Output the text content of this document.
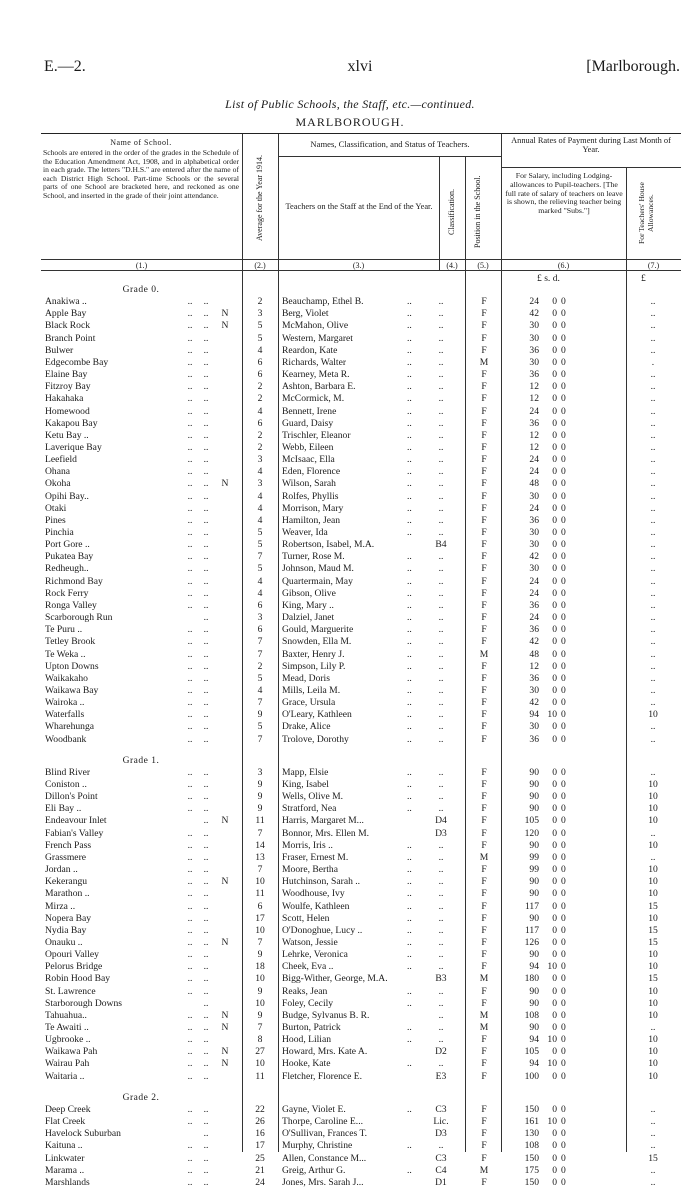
E.—2.	xlvi	[Marlborough.
List of Public Schools, the Staff, etc.—continued.
MARLBOROUGH.
Name of School.
Schools are entered in the order of the grades in the Schedule of the Education Amendment Act, 1908, and in alphabetical order in each grade. The letters "D.H.S." are entered after the name of each District High School. Part-time Schools or the several parts of one School are bracketed here, and reckoned as one School, and inserted in the grade of their joint attendance.
(1.)
Average for the Year 1914.
(2.)
Names, Classification, and Status of Teachers.
Teachers on the Staff at the End of the Year.
(3.)
Classification.
(4.)
Position in the School.
(5.)
Annual Rates of Payment during Last Month of Year.
For Salary, including Lodging-allowances to Pupil-teachers. [The full rate of salary of teachers on leave is shown, the relieving teacher being marked "Subs."]
(6.)
For Teachers' House Allowances.
(7.)
£ s. d.	£
Grade 0.
Anakiwa ..	..	..	2	Beauchamp, Ethel B.	..	..	F	24	0 0	..
Apple Bay	..	..	N	3	Berg, Violet	..	..	F	42	0 0	..
Black Rock	..	..	N	5	McMahon, Olive	..	..	F	30	0 0	..
Branch Point	..	..	5	Western, Margaret	..	..	F	30	0 0	..
Bulwer	..	..	4	Reardon, Kate	..	..	F	36	0 0	..
Edgecombe Bay	..	..	6	Richards, Walter	..	..	M	30	0 0	.
Elaine Bay	..	..	6	Kearney, Meta R.	..	..	F	36	0 0	..
Fitzroy Bay	..	..	2	Ashton, Barbara E.	..	..	F	12	0 0	..
Hakahaka	..	..	2	McCormick, M.	..	..	F	12	0 0	..
Homewood	..	..	4	Bennett, Irene	..	..	F	24	0 0	..
Kakapou Bay	..	..	6	Guard, Daisy	..	..	F	36	0 0	..
Ketu Bay ..	..	..	2	Trischler, Eleanor	..	..	F	12	0 0	..
Laverique Bay	..	..	2	Webb, Eileen	..	..	F	12	0 0	..
Leefield	..	..	3	McIsaac, Ella	..	..	F	24	0 0	..
Ohana	..	..	4	Eden, Florence	..	..	F	24	0 0	..
Okoha	..	..	N	3	Wilson, Sarah	..	..	F	48	0 0	..
Opihi Bay..	..	..	4	Rolfes, Phyllis	..	..	F	30	0 0	..
Otaki	..	..	4	Morrison, Mary	..	..	F	24	0 0	..
Pines	..	..	4	Hamilton, Jean	..	..	F	36	0 0	..
Pinchia	..	..	5	Weaver, Ida	..	..	F	30	0 0	..
Port Gore ..	..	..	5	Robertson, Isabel, M.A.	B4	F	30	0 0	..
Pukatea Bay	..	..	7	Turner, Rose M.	..	..	F	42	0 0	..
Redheugh..	..	..	5	Johnson, Maud M.	..	..	F	30	0 0	..
Richmond Bay	..	..	4	Quartermain, May	..	..	F	24	0 0	..
Rock Ferry	..	..	4	Gibson, Olive	..	..	F	24	0 0	..
Ronga Valley	..	..	6	King, Mary ..	..	..	F	36	0 0	..
Scarborough Run	..	3	Dalziel, Janet	..	..	F	24	0 0	..
Te Puru ..	..	..	6	Gould, Marguerite	..	..	F	36	0 0	..
Tetley Brook	..	..	7	Snowden, Ella M.	..	..	F	42	0 0	..
Te Weka ..	..	..	7	Baxter, Henry J.	..	..	M	48	0 0	..
Upton Downs	..	..	2	Simpson, Lily P.	..	..	F	12	0 0	..
Waikakaho	..	..	5	Mead, Doris	..	..	F	36	0 0	..
Waikawa Bay	..	..	4	Mills, Leila M.	..	..	F	30	0 0	..
Wairoka ..	..	..	7	Grace, Ursula	..	..	F	42	0 0	..
Waterfalls	..	..	9	O'Leary, Kathleen	..	..	F	94 10 0	10
Wharehunga	..	..	5	Drake, Alice	..	..	F	30	0 0	..
Woodbank	..	..	7	Trolove, Dorothy	..	..	F	36	0 0	..
Grade 1.
Blind River	..	..	3	Mapp, Elsie	..	..	F	90	0 0	..
Coniston ..	..	..	9	King, Isabel	..	..	F	90	0 0	10
Dillon's Point	..	..	9	Wells, Olive M.	..	..	F	90	0 0	10
Eli Bay ..	..	..	9	Stratford, Nea	..	..	F	90	0 0	10
Endeavour Inlet	..	N	11	Harris, Margaret M...	D4	F	105	0 0	10
Fabian's Valley	..	..	7	Bonnor, Mrs. Ellen M.	D3	F	120	0 0	..
French Pass	..	..	14	Morris, Iris ..	..	..	F	90	0 0	10
Grassmere	..	..	13	Fraser, Ernest M.	..	..	M	99	0 0	..
Jordan ..	..	..	7	Moore, Bertha	..	..	F	99	0 0	10
Kekerangu	..	..	N	10	Hutchinson, Sarah ..	..	..	F	90	0 0	10
Marathon ..	..	..	11	Woodhouse, Ivy	..	..	F	90	0 0	10
Mirza ..	..	..	6	Woulfe, Kathleen	..	..	F	117	0 0	15
Nopera Bay	..	..	17	Scott, Helen	..	..	F	90	0 0	10
Nydia Bay	..	..	10	O'Donoghue, Lucy ..	..	..	F	117	0 0	15
Onauku ..	..	..	N	7	Watson, Jessie	..	..	F	126	0 0	15
Opouri Valley	..	..	9	Lehrke, Veronica	..	..	F	90	0 0	10
Pelorus Bridge	..	..	18	Cheek, Eva ..	..	..	F	94 10 0	10
Robin Hood Bay	..	..	10	Bigg-Wither, George, M.A.	B3	M	180	0 0	15
St. Lawrence	..	..	9	Reaks, Jean	..	..	F	90	0 0	10
Starborough Downs	..	10	Foley, Cecily	..	..	F	90	0 0	10
Tahuahua..	..	..	N	9	Budge, Sylvanus B. R.	..	M	108	0 0	10
Te Awaiti ..	..	..	N	7	Burton, Patrick	..	..	M	90	0 0	..
Ugbrooke ..	..	..	8	Hood, Lilian	..	..	F	94 10 0	10
Waikawa Pah	..	..	N	27	Howard, Mrs. Kate A.	D2	F	105	0 0	10
Wairau Pah	..	..	N	10	Hooke, Kate	..	..	F	94 10 0	10
Waitaria ..	..	..	11	Fletcher, Florence E.	E3	F	100	0 0	10
Grade 2.
Deep Creek	..	..	22	Gayne, Violet E.	..	C3	F	150	0 0	..
Flat Creek	..	..	26	Thorpe, Caroline E...	Lic.	F	161 10 0	..
Havelock Suburban	..	16	O'Sullivan, Frances T.	D3	F	130	0 0	..
Kaituna ..	..	..	17	Murphy, Christine	..	..	F	108	0 0	..
Linkwater	..	..	25	Allen, Constance M...	C3	F	150	0 0	15
Marama ..	..	..	21	Greig, Arthur G.	..	C4	M	175	0 0	..
Marshlands	..	..	24	Jones, Mrs. Sarah J...	D1	F	150	0 0	..
